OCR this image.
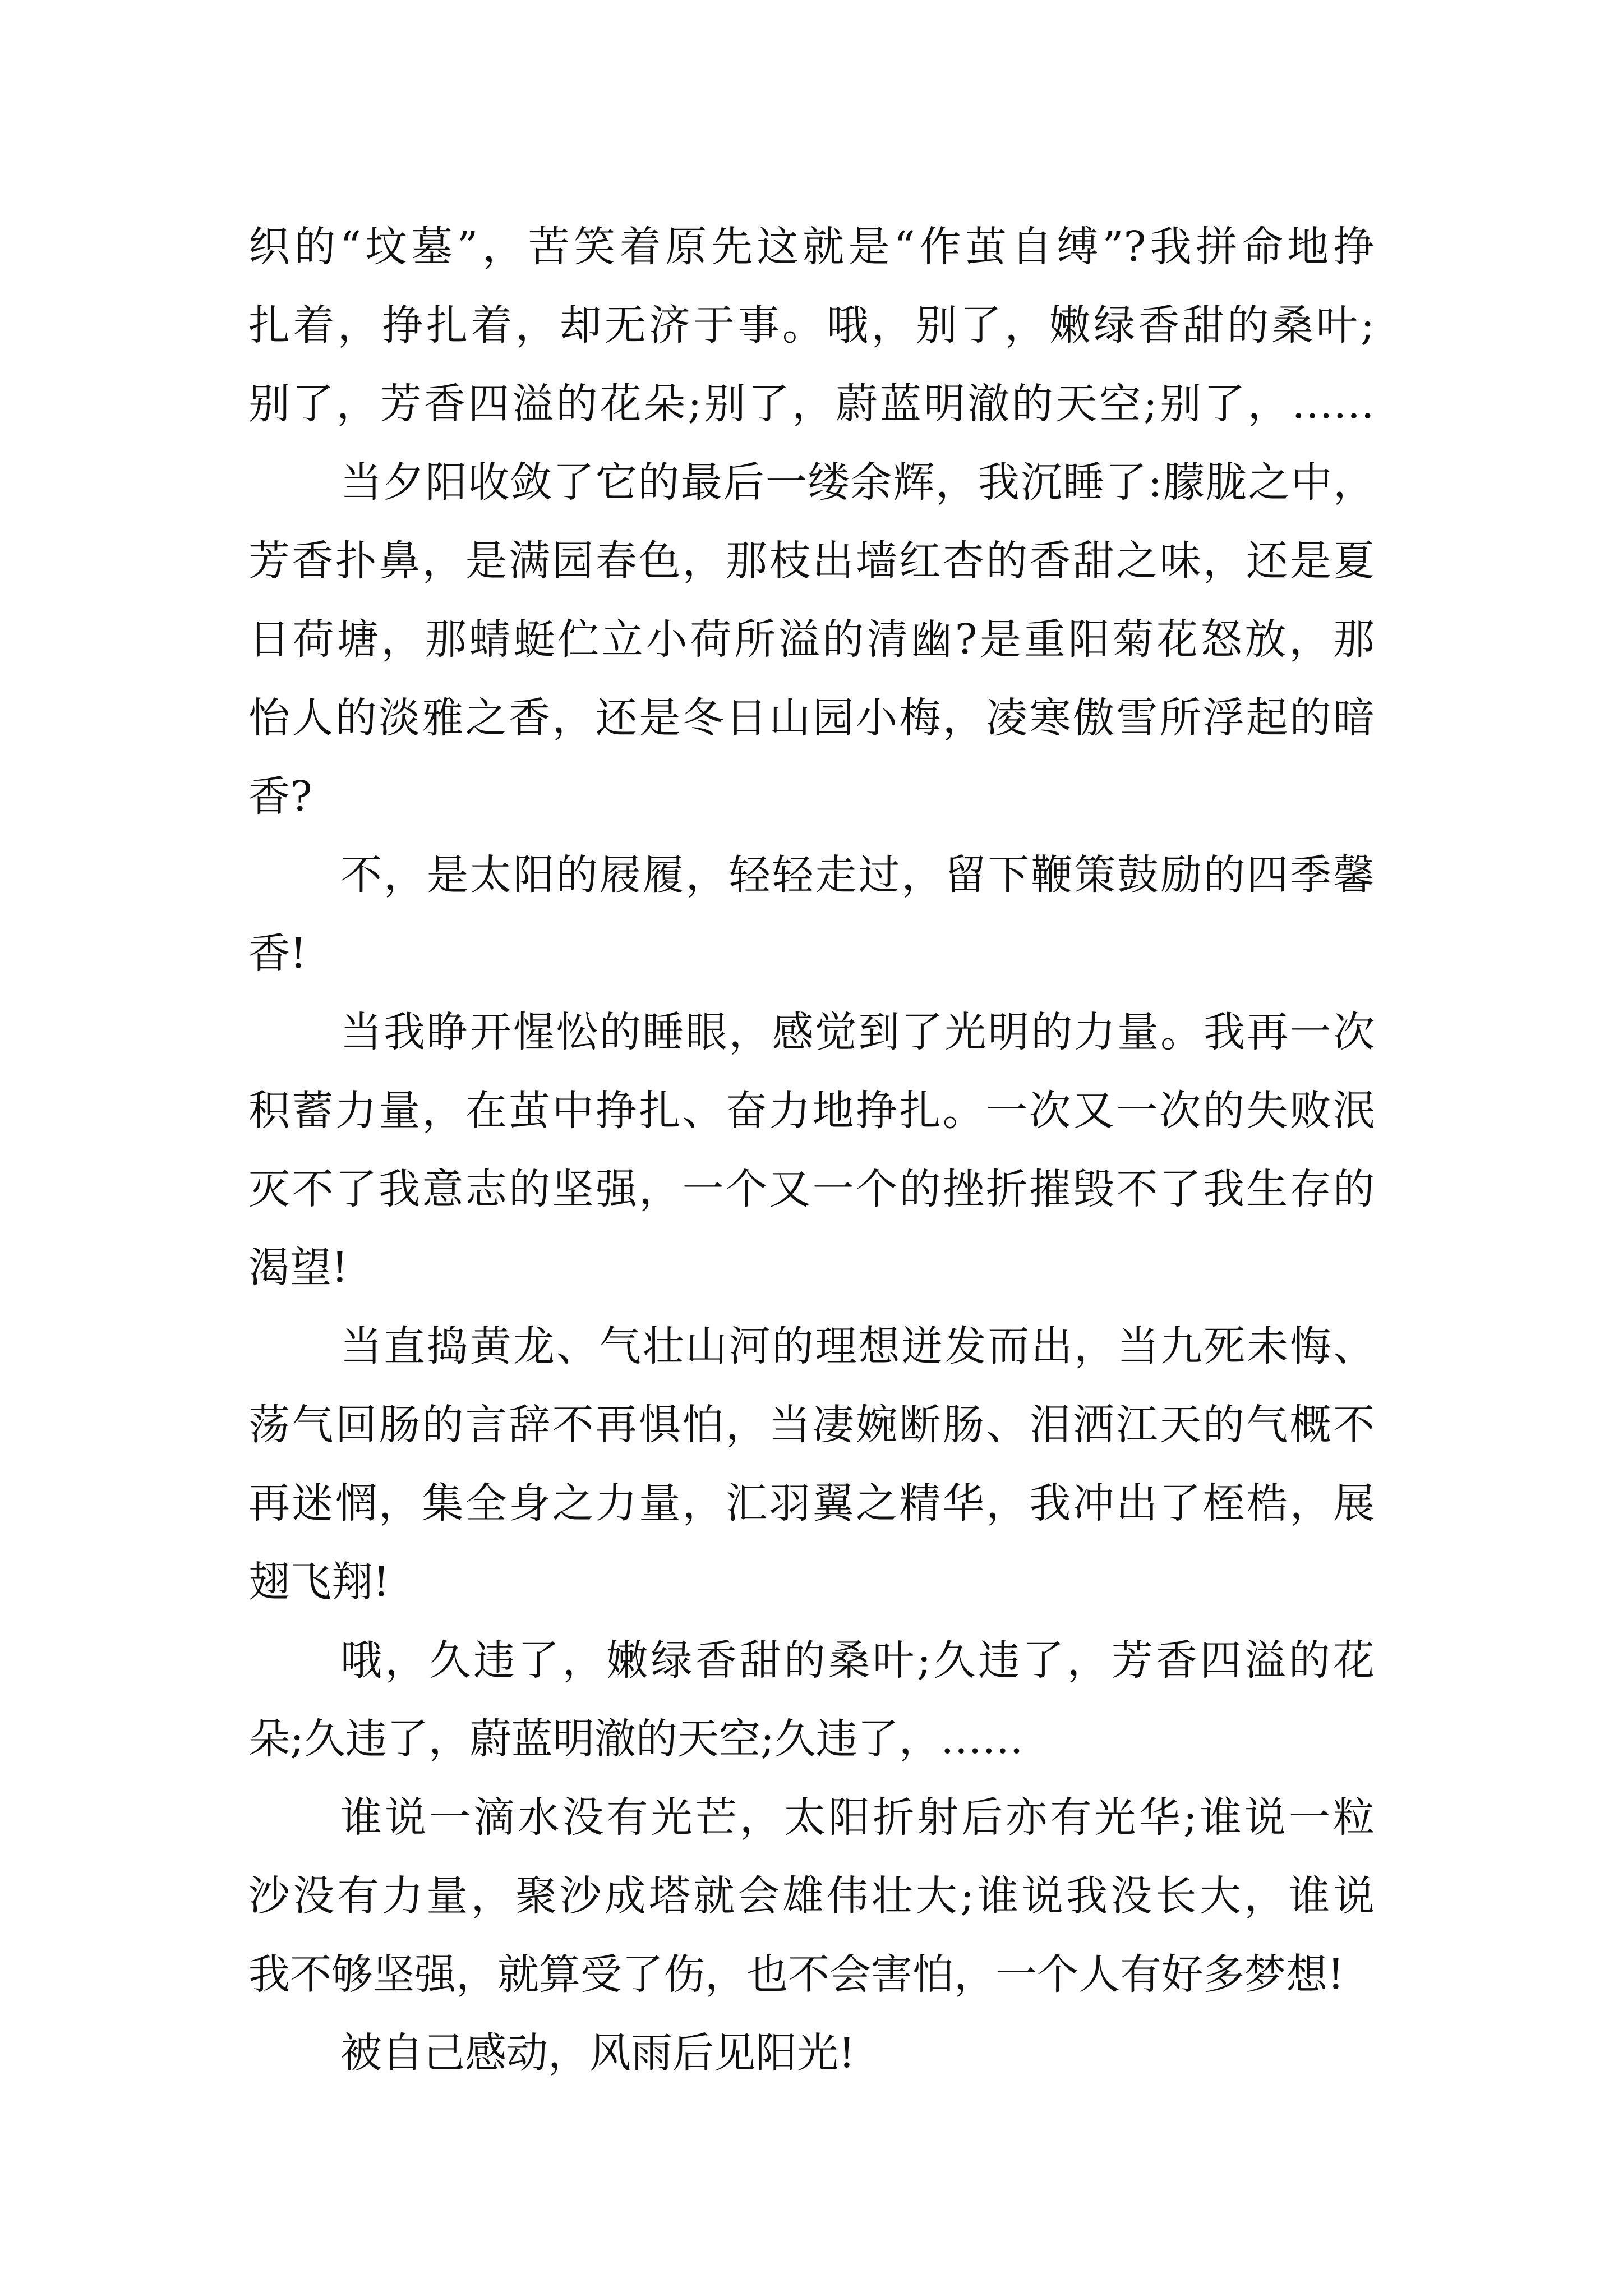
织的“坟墓”，苦笑着原先这就是“作茧自缚”?我拼命地挣
扎着，挣扎着，却无济于事。哦，别了，嫩绿香甜的桑叶;
别了，芳香四溢的花朵;别了，蔚蓝明澈的天空;别了，……
当夕阳收敛了它的最后一缕余辉，我沉睡了:朦胧之中，
芳香扑鼻，是满园春色，那枝出墙红杏的香甜之味，还是夏
日荷塘，那蜻蜓伫立小荷所溢的清幽?是重阳菊花怒放，那
怡人的淡雅之香，还是冬日山园小梅，凌寒傲雪所浮起的暗
香?
不，是太阳的屐履，轻轻走过，留下鞭策鼓励的四季馨
香!
当我睁开惺忪的睡眼，感觉到了光明的力量。我再一次
积蓄力量，在茧中挣扎、奋力地挣扎。一次又一次的失败泯
灭不了我意志的坚强，一个又一个的挫折摧毁不了我生存的
渴望!
当直捣黄龙、气壮山河的理想迸发而出，当九死未悔、
荡气回肠的言辞不再惧怕，当凄婉断肠、泪洒江天的气概不
再迷惘，集全身之力量，汇羽翼之精华，我冲出了桎梏，展
翅飞翔!
哦，久违了，嫩绿香甜的桑叶;久违了，芳香四溢的花
朵;久违了，蔚蓝明澈的天空;久违了，……
谁说一滴水没有光芒，太阳折射后亦有光华;谁说一粒
沙没有力量，聚沙成塔就会雄伟壮大;谁说我没长大，谁说
我不够坚强，就算受了伤，也不会害怕，一个人有好多梦想!
被自己感动，风雨后见阳光!
